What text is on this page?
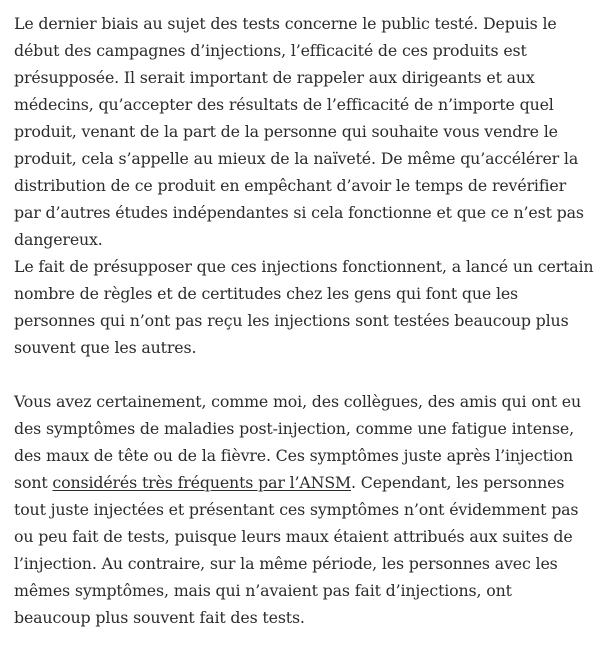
Le dernier biais au sujet des tests concerne le public testé. Depuis le
début des campagnes d’injections, l’efficacité de ces produits est
présupposée. Il serait important de rappeler aux dirigeants et aux
médecins, qu’accepter des résultats de l’efficacité de n’importe quel
produit, venant de la part de la personne qui souhaite vous vendre le
produit, cela s’appelle au mieux de la naïveté. De même qu’accélérer la
distribution de ce produit en empêchant d’avoir le temps de revérifier
par d’autres études indépendantes si cela fonctionne et que ce n’est pas
dangereux.

Le fait de présupposer que ces injections fonctionnent, a lancé un certain
nombre de règles et de certitudes chez les gens qui font que les
personnes qui n’ont pas reçu les injections sont testées beaucoup plus
souvent que les autres.

Vous avez certainement, comme moi, des collègues, des amis qui ont eu
des symptômes de maladies post-injection, comme une fatigue intense,
des maux de tête ou de la fièvre. Ces symptômes juste après l’injection
sont considérés très fréquents par l’ANSM. Cependant, les personnes
tout juste injectées et présentant ces symptômes n’ont évidemment pas
ou peu fait de tests, puisque leurs maux étaient attribués aux suites de
l’injection. Au contraire, sur la même période, les personnes avec les
mêmes symptômes, mais qui n’avaient pas fait d’injections, ont
beaucoup plus souvent fait des tests.
